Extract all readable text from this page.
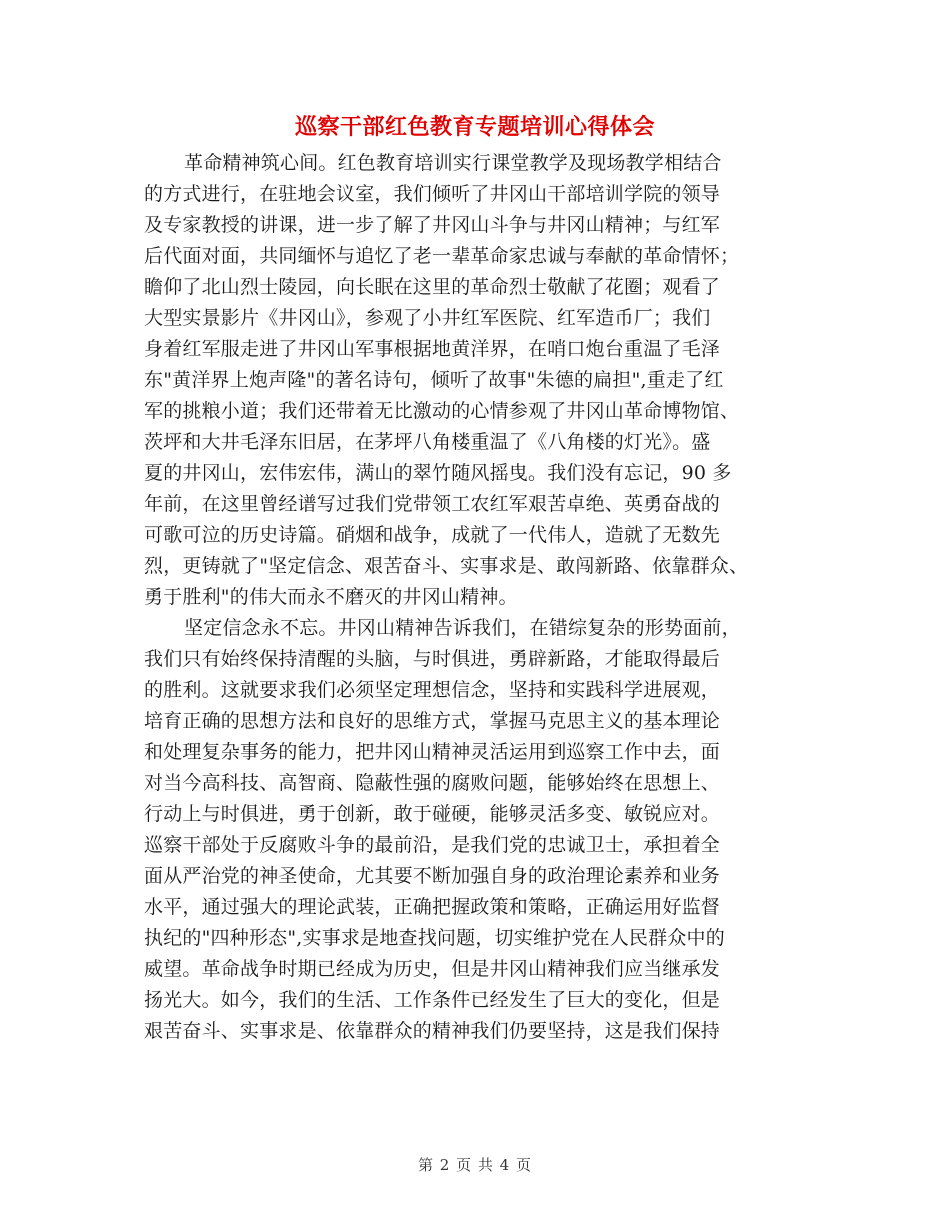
巡察干部红色教育专题培训心得体会
革命精神筑心间。红色教育培训实行课堂教学及现场教学相结合
的方式进行，在驻地会议室，我们倾听了井冈山干部培训学院的领导
及专家教授的讲课，进一步了解了井冈山斗争与井冈山精神；与红军
后代面对面，共同缅怀与追忆了老一辈革命家忠诚与奉献的革命情怀；
瞻仰了北山烈士陵园，向长眠在这里的革命烈士敬献了花圈；观看了
大型实景影片《井冈山》，参观了小井红军医院、红军造币厂；我们
身着红军服走进了井冈山军事根据地黄洋界，在哨口炮台重温了毛泽
东"黄洋界上炮声隆"的著名诗句，倾听了故事"朱德的扁担",重走了红
军的挑粮小道；我们还带着无比激动的心情参观了井冈山革命博物馆、
茨坪和大井毛泽东旧居，在茅坪八角楼重温了《八角楼的灯光》。盛
夏的井冈山，宏伟宏伟，满山的翠竹随风摇曳。我们没有忘记，90 多
年前，在这里曾经谱写过我们党带领工农红军艰苦卓绝、英勇奋战的
可歌可泣的历史诗篇。硝烟和战争，成就了一代伟人，造就了无数先
烈，更铸就了"坚定信念、艰苦奋斗、实事求是、敢闯新路、依靠群众、
勇于胜利"的伟大而永不磨灭的井冈山精神。
坚定信念永不忘。井冈山精神告诉我们，在错综复杂的形势面前，
我们只有始终保持清醒的头脑，与时俱进，勇辟新路，才能取得最后
的胜利。这就要求我们必须坚定理想信念，坚持和实践科学进展观，
培育正确的思想方法和良好的思维方式，掌握马克思主义的基本理论
和处理复杂事务的能力，把井冈山精神灵活运用到巡察工作中去，面
对当今高科技、高智商、隐蔽性强的腐败问题，能够始终在思想上、
行动上与时俱进，勇于创新，敢于碰硬，能够灵活多变、敏锐应对。
巡察干部处于反腐败斗争的最前沿，是我们党的忠诚卫士，承担着全
面从严治党的神圣使命，尤其要不断加强自身的政治理论素养和业务
水平，通过强大的理论武装，正确把握政策和策略，正确运用好监督
执纪的"四种形态",实事求是地查找问题，切实维护党在人民群众中的
威望。革命战争时期已经成为历史，但是井冈山精神我们应当继承发
扬光大。如今，我们的生活、工作条件已经发生了巨大的变化，但是
艰苦奋斗、实事求是、依靠群众的精神我们仍要坚持，这是我们保持
第 2 页 共 4 页
